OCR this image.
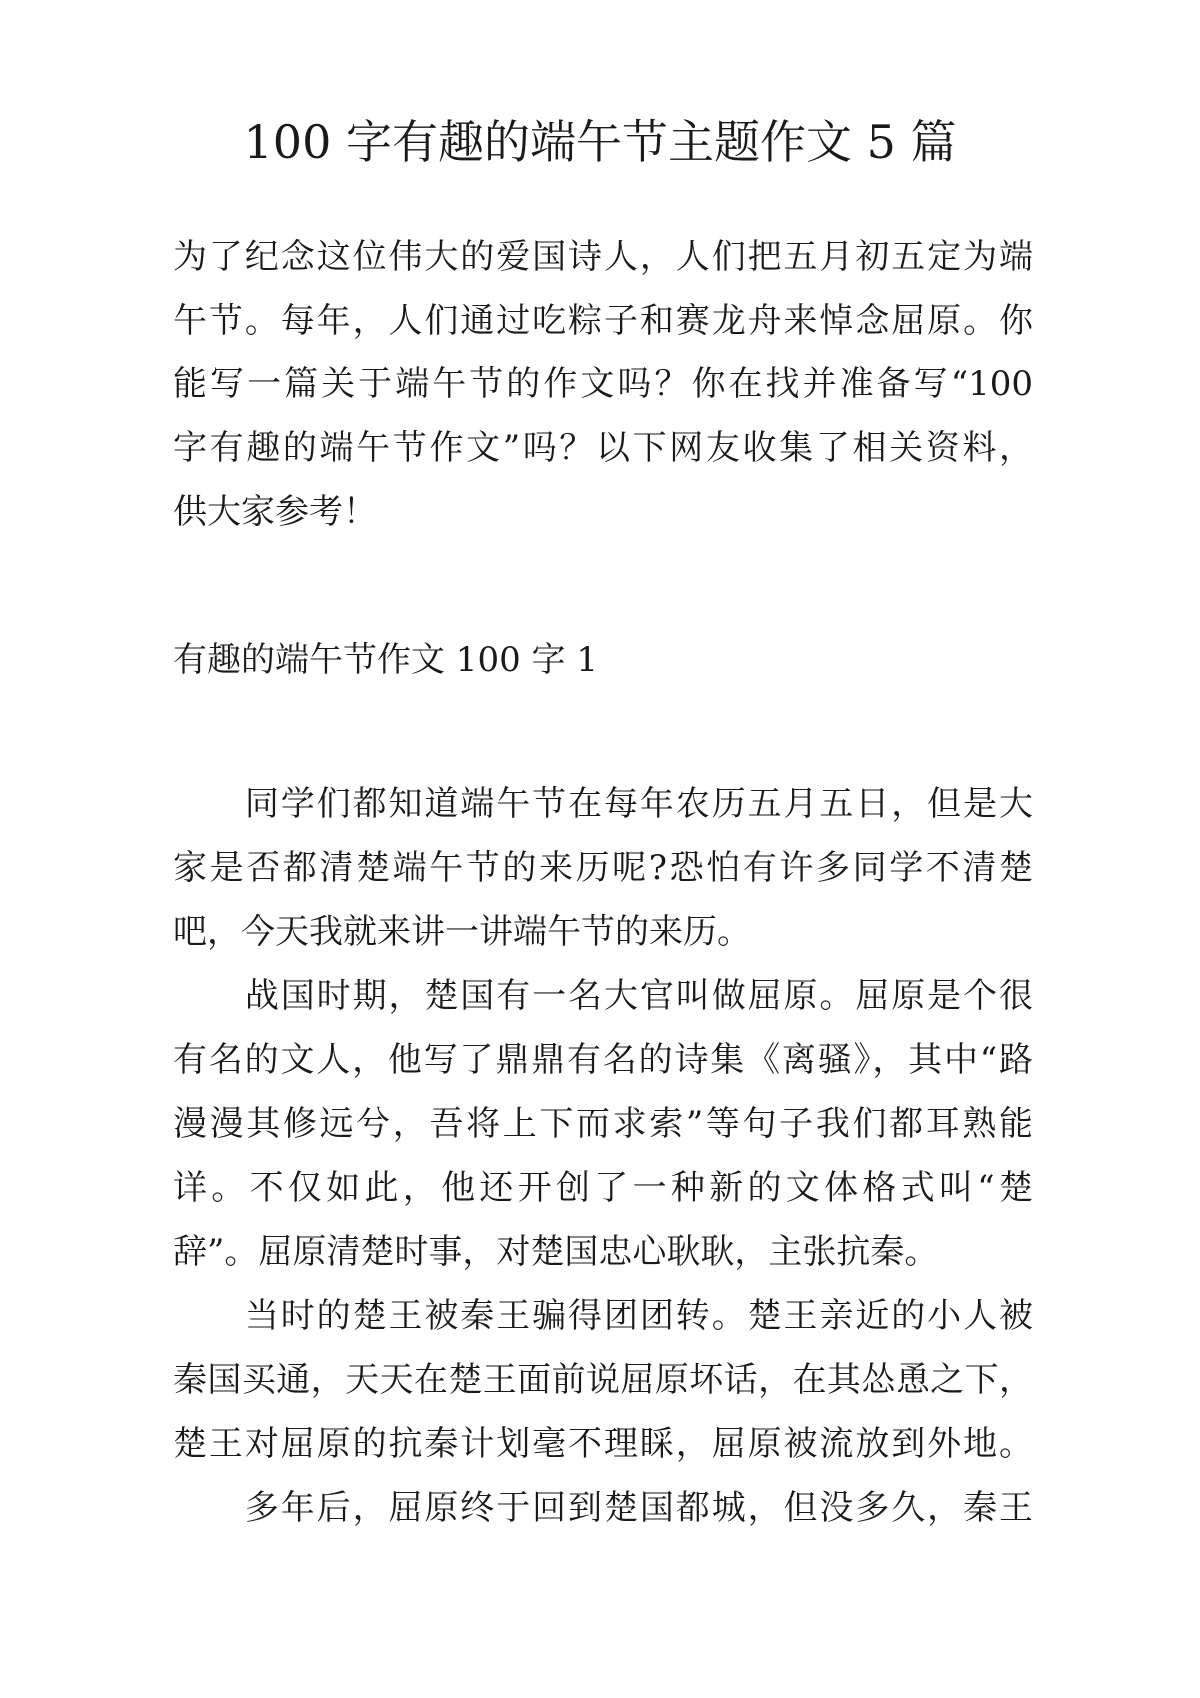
100 字有趣的端午节主题作文 5 篇

为了纪念这位伟大的爱国诗人，人们把五月初五定为端

午节。每年，人们通过吃粽子和赛龙舟来悼念屈原。你

能写一篇关于端午节的作文吗？你在找并准备写“100

字有趣的端午节作文”吗？以下网友收集了相关资料，

供大家参考！

有趣的端午节作文 100 字 1

　　同学们都知道端午节在每年农历五月五日，但是大

家是否都清楚端午节的来历呢?恐怕有许多同学不清楚

吧，今天我就来讲一讲端午节的来历。

　　战国时期，楚国有一名大官叫做屈原。屈原是个很

有名的文人，他写了鼎鼎有名的诗集《离骚》，其中“路

漫漫其修远兮，吾将上下而求索”等句子我们都耳熟能

详。不仅如此，他还开创了一种新的文体格式叫“楚

辞”。屈原清楚时事，对楚国忠心耿耿，主张抗秦。

　　当时的楚王被秦王骗得团团转。楚王亲近的小人被

秦国买通，天天在楚王面前说屈原坏话，在其怂恿之下，

楚王对屈原的抗秦计划毫不理睬，屈原被流放到外地。

　　多年后，屈原终于回到楚国都城，但没多久，秦王
